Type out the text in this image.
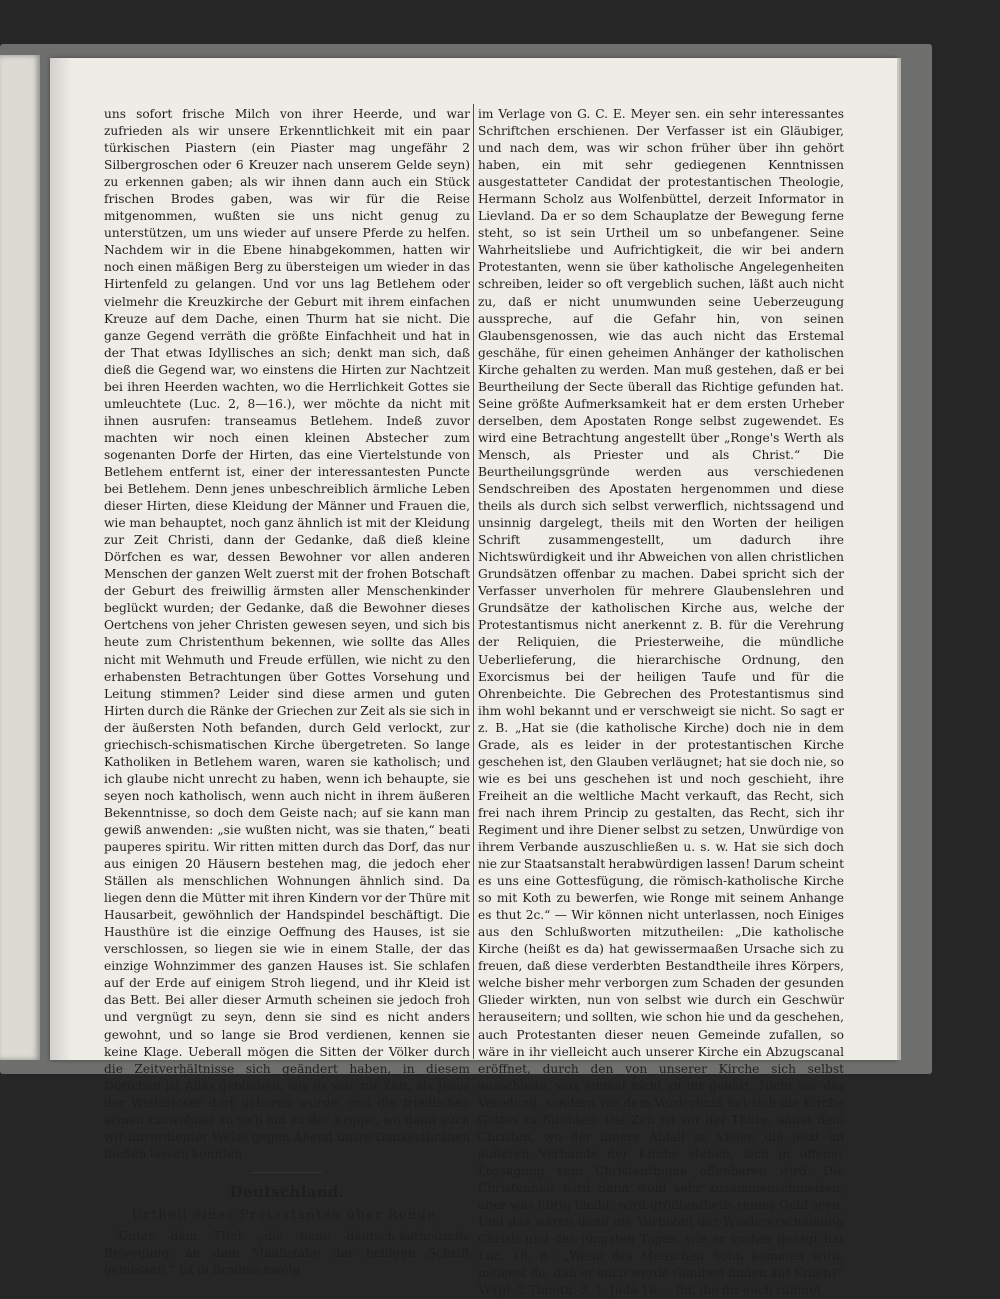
uns sofort frische Milch von ihrer Heerde, und war zufrieden als wir unsere Erkenntlichkeit mit ein paar türkischen Piastern (ein Piaster mag ungefähr 2 Silbergroschen oder 6 Kreuzer nach unserem Gelde seyn) zu erkennen gaben; als wir ihnen dann auch ein Stück frischen Brodes gaben, was wir für die Reise mitgenommen, wußten sie uns nicht genug zu unterstützen, um uns wieder auf unsere Pferde zu helfen. Nachdem wir in die Ebene hinabgekommen, hatten wir noch einen mäßigen Berg zu übersteigen um wieder in das Hirtenfeld zu gelangen. Und vor uns lag Betlehem oder vielmehr die Kreuzkirche der Geburt mit ihrem einfachen Kreuze auf dem Dache, einen Thurm hat sie nicht. Die ganze Gegend verräth die größte Einfachheit und hat in der That etwas Idyllisches an sich; denkt man sich, daß dieß die Gegend war, wo einstens die Hirten zur Nachtzeit bei ihren Heerden wachten, wo die Herrlichkeit Gottes sie umleuchtete (Luc. 2, 8—16.), wer möchte da nicht mit ihnen ausrufen: transeamus Betlehem. Indeß zuvor machten wir noch einen kleinen Abstecher zum sogenanten Dorfe der Hirten, das eine Viertelstunde von Betlehem entfernt ist, einer der interessantesten Puncte bei Betlehem. Denn jenes unbeschreiblich ärmliche Leben dieser Hirten, diese Kleidung der Männer und Frauen die, wie man behauptet, noch ganz ähnlich ist mit der Kleidung zur Zeit Christi, dann der Gedanke, daß dieß kleine Dörfchen es war, dessen Bewohner vor allen anderen Menschen der ganzen Welt zuerst mit der frohen Botschaft der Geburt des freiwillig ärmsten aller Menschenkinder beglückt wurden; der Gedanke, daß die Bewohner dieses Oertchens von jeher Christen gewesen seyen, und sich bis heute zum Christenthum bekennen, wie sollte das Alles nicht mit Wehmuth und Freude erfüllen, wie nicht zu den erhabensten Betrachtungen über Gottes Vorsehung und Leitung stimmen? Leider sind diese armen und guten Hirten durch die Ränke der Griechen zur Zeit als sie sich in der äußersten Noth befanden, durch Geld verlockt, zur griechisch-schismatischen Kirche übergetreten. So lange Katholiken in Betlehem waren, waren sie katholisch; und ich glaube nicht unrecht zu haben, wenn ich behaupte, sie seyen noch katholisch, wenn auch nicht in ihrem äußeren Bekenntnisse, so doch dem Geiste nach; auf sie kann man gewiß anwenden: „sie wußten nicht, was sie thaten,“ beati pauperes spiritu. Wir ritten mitten durch das Dorf, das nur aus einigen 20 Häusern bestehen mag, die jedoch eher Ställen als menschlichen Wohnungen ähnlich sind. Da liegen denn die Mütter mit ihren Kindern vor der Thüre mit Hausarbeit, gewöhnlich der Handspindel beschäftigt. Die Hausthüre ist die einzige Oeffnung des Hauses, ist sie verschlossen, so liegen sie wie in einem Stalle, der das einzige Wohnzimmer des ganzen Hauses ist. Sie schlafen auf der Erde auf einigem Stroh liegend, und ihr Kleid ist das Bett. Bei aller dieser Armuth scheinen sie jedoch froh und vergnügt zu seyn, denn sie sind es nicht anders gewohnt, und so lange sie Brod verdienen, kennen sie keine Klage. Ueberall mögen die Sitten der Völker durch die Zeitverhältnisse sich geändert haben, in diesem Dörfchen ist Alles geblieben, wie es war zur Zeit, als Jesus der Welterlöser dort geboren wurde, und die friedlichen armen Einwohner zu sich lud zu der Krippe, wo dann auch wir unverdienter Weise gegen Abend unsre Dankesthränen fließen lassen konnten.

Deutschland.
Urtheil eines Protestanten über Ronge.

Unter dem Titel „die neue deutsch-katholische Bewegung, an dem Maaßstabe der heiligen Schrift gemessen,“ ist in Braunschweig

im Verlage von G. C. E. Meyer sen. ein sehr interessantes Schriftchen erschienen. Der Verfasser ist ein Gläubiger, und nach dem, was wir schon früher über ihn gehört haben, ein mit sehr gediegenen Kenntnissen ausgestatteter Candidat der protestantischen Theologie, Hermann Scholz aus Wolfenbüttel, derzeit Informator in Lievland. Da er so dem Schauplatze der Bewegung ferne steht, so ist sein Urtheil um so unbefangener. Seine Wahrheitsliebe und Aufrichtigkeit, die wir bei andern Protestanten, wenn sie über katholische Angelegenheiten schreiben, leider so oft vergeblich suchen, läßt auch nicht zu, daß er nicht unumwunden seine Ueberzeugung ausspreche, auf die Gefahr hin, von seinen Glaubensgenossen, wie das auch nicht das Erstemal geschähe, für einen geheimen Anhänger der katholischen Kirche gehalten zu werden. Man muß gestehen, daß er bei Beurtheilung der Secte überall das Richtige gefunden hat. Seine größte Aufmerksamkeit hat er dem ersten Urheber derselben, dem Apostaten Ronge selbst zugewendet. Es wird eine Betrachtung angestellt über „Ronge's Werth als Mensch, als Priester und als Christ.“ Die Beurtheilungsgründe werden aus verschiedenen Sendschreiben des Apostaten hergenommen und diese theils als durch sich selbst verwerflich, nichtssagend und unsinnig dargelegt, theils mit den Worten der heiligen Schrift zusammengestellt, um dadurch ihre Nichtswürdigkeit und ihr Abweichen von allen christlichen Grundsätzen offenbar zu machen. Dabei spricht sich der Verfasser unverholen für mehrere Glaubenslehren und Grundsätze der katholischen Kirche aus, welche der Protestantismus nicht anerkennt z. B. für die Verehrung der Reliquien, die Priesterweihe, die mündliche Ueberlieferung, die hierarchische Ordnung, den Exorcismus bei der heiligen Taufe und für die Ohrenbeichte. Die Gebrechen des Protestantismus sind ihm wohl bekannt und er verschweigt sie nicht. So sagt er z. B. „Hat sie (die katholische Kirche) doch nie in dem Grade, als es leider in der protestantischen Kirche geschehen ist, den Glauben verläugnet; hat sie doch nie, so wie es bei uns geschehen ist und noch geschieht, ihre Freiheit an die weltliche Macht verkauft, das Recht, sich frei nach ihrem Princip zu gestalten, das Recht, sich ihr Regiment und ihre Diener selbst zu setzen, Unwürdige von ihrem Verbande auszuschließen u. s. w. Hat sie sich doch nie zur Staatsanstalt herabwürdigen lassen! Darum scheint es uns eine Gottesfügung, die römisch-katholische Kirche so mit Koth zu bewerfen, wie Ronge mit seinem Anhange es thut 2c.“ — Wir können nicht unterlassen, noch Einiges aus den Schlußworten mitzutheilen: „Die katholische Kirche (heißt es da) hat gewissermaaßen Ursache sich zu freuen, daß diese verderbten Bestandtheile ihres Körpers, welche bisher mehr verborgen zum Schaden der gesunden Glieder wirkten, nun von selbst wie durch ein Geschwür herauseitern; und sollten, wie schon hie und da geschehen, auch Protestanten dieser neuen Gemeinde zufallen, so wäre in ihr vielleicht auch unserer Kirche ein Abzugscanal eröffnet, durch den von unserer Kirche sich selbst ausschiede, was einmal nicht zu ihr gehört. Nicht vor der Verödung, sondern vor dem Verderbniß hat sich die Kirche Gottes zu fürchten. Die Zeit ist vor der Thüre, ahnet dem Christen, wo der innere Abfall so Vieler, die jetzt im äußeren Verbande der Kirche stehen, sich in offener Lossagung vom Christenthume offenbaren wird. Die Christenheit wird dann wohl sehr zusammenschmelzen, aber was übrig bleibt, wird größtentheils reines Gold seyn. Und das wären denn die Vorboten der Wiedererscheinung Christi und des jüngsten Tages, wie er vorher gesagt hat Luc. 18, 8.: „Wenn des Menschen Sohn kommen wird, meinest du, daß er auch werde Glauben finden auf Erden?“ Vergl. 2 Timoth. 3, 1. Judä 18.... Ihr, die ihr euch rühmet
